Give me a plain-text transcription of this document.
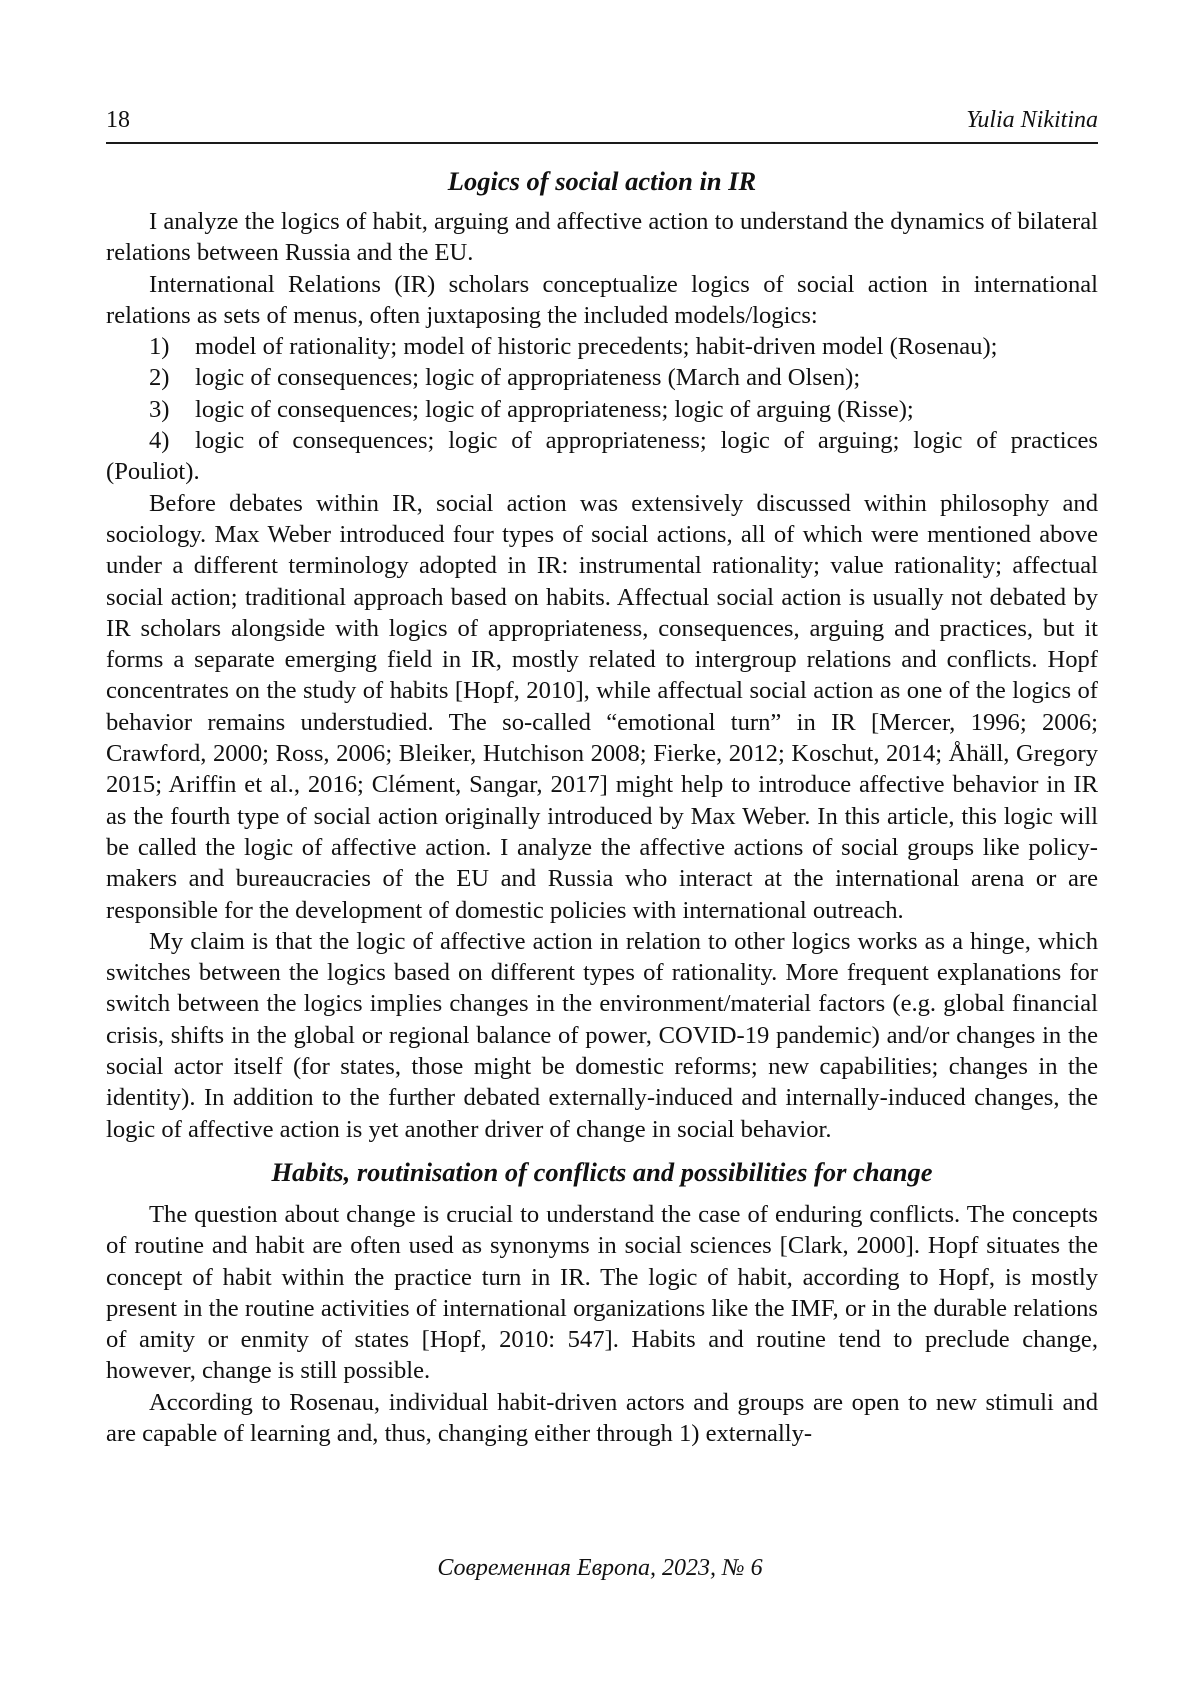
18	Yulia Nikitina
Logics of social action in IR

I analyze the logics of habit, arguing and affective action to understand the dynamics of bilateral relations between Russia and the EU.

International Relations (IR) scholars conceptualize logics of social action in international relations as sets of menus, often juxtaposing the included models/logics:

1) model of rationality; model of historic precedents; habit-driven model (Rosenau);
2) logic of consequences; logic of appropriateness (March and Olsen);
3) logic of consequences; logic of appropriateness; logic of arguing (Risse);
4) logic of consequences; logic of appropriateness; logic of arguing; logic of practices (Pouliot).

Before debates within IR, social action was extensively discussed within philosophy and sociology. Max Weber introduced four types of social actions, all of which were mentioned above under a different terminology adopted in IR: instrumental rationality; value rationality; affectual social action; traditional approach based on habits. Affectual social action is usually not debated by IR scholars alongside with logics of appropriateness, consequences, arguing and practices, but it forms a separate emerging field in IR, mostly related to intergroup relations and conflicts. Hopf concentrates on the study of habits [Hopf, 2010], while affectual social action as one of the logics of behavior remains understudied. The so-called “emotional turn” in IR [Mercer, 1996; 2006; Crawford, 2000; Ross, 2006; Bleiker, Hutchison 2008; Fierke, 2012; Koschut, 2014; Åhäll, Gregory 2015; Ariffin et al., 2016; Clément, Sangar, 2017] might help to introduce affective behavior in IR as the fourth type of social action originally introduced by Max Weber. In this article, this logic will be called the logic of affective action. I analyze the affective actions of social groups like policy-makers and bureaucracies of the EU and Russia who interact at the international arena or are responsible for the development of domestic policies with international outreach.

My claim is that the logic of affective action in relation to other logics works as a hinge, which switches between the logics based on different types of rationality. More frequent explanations for switch between the logics implies changes in the environment/​material factors (e.g. global financial crisis, shifts in the global or regional balance of power, COVID-19 pandemic) and/or changes in the social actor itself (for states, those might be domestic reforms; new capabilities; changes in the identity). In addition to the further debated externally-induced and internally-induced changes, the logic of affective action is yet another driver of change in social behavior.

Habits, routinisation of conflicts and possibilities for change

The question about change is crucial to understand the case of enduring conflicts. The concepts of routine and habit are often used as synonyms in social sciences [Clark, 2000]. Hopf situates the concept of habit within the practice turn in IR. The logic of habit, according to Hopf, is mostly present in the routine activities of international organizations like the IMF, or in the durable relations of amity or enmity of states [Hopf, 2010: 547]. Habits and routine tend to preclude change, however, change is still possible.

According to Rosenau, individual habit-driven actors and groups are open to new stimuli and are capable of learning and, thus, changing either through 1) externally-

Современная Европа, 2023, № 6
